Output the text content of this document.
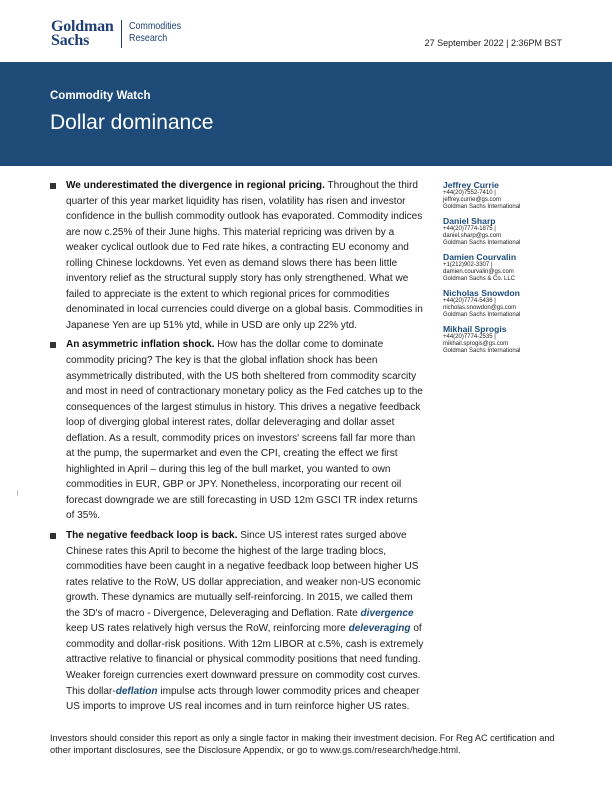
Goldman
Sachs
Commodities
Research	27 September 2022 | 2:36PM BST
Commodity Watch
Dollar dominance
We underestimated the divergence in regional pricing. Throughout the third quarter of this year market liquidity has risen, volatility has risen and investor confidence in the bullish commodity outlook has evaporated. Commodity indices are now c.25% of their June highs. This material repricing was driven by a weaker cyclical outlook due to Fed rate hikes, a contracting EU economy and rolling Chinese lockdowns. Yet even as demand slows there has been little inventory relief as the structural supply story has only strengthened. What we failed to appreciate is the extent to which regional prices for commodities denominated in local currencies could diverge on a global basis. Commodities in Japanese Yen are up 51% ytd, while in USD are only up 22% ytd.
An asymmetric inflation shock. How has the dollar come to dominate commodity pricing? The key is that the global inflation shock has been asymmetrically distributed, with the US both sheltered from commodity scarcity and most in need of contractionary monetary policy as the Fed catches up to the consequences of the largest stimulus in history. This drives a negative feedback loop of diverging global interest rates, dollar deleveraging and dollar asset deflation. As a result, commodity prices on investors' screens fall far more than at the pump, the supermarket and even the CPI, creating the effect we first highlighted in April – during this leg of the bull market, you wanted to own commodities in EUR, GBP or JPY. Nonetheless, incorporating our recent oil forecast downgrade we are still forecasting in USD 12m GSCI TR index returns of 35%.
The negative feedback loop is back. Since US interest rates surged above Chinese rates this April to become the highest of the large trading blocs, commodities have been caught in a negative feedback loop between higher US rates relative to the RoW, US dollar appreciation, and weaker non-US economic growth. These dynamics are mutually self-reinforcing. In 2015, we called them the 3D's of macro - Divergence, Deleveraging and Deflation. Rate divergence keep US rates relatively high versus the RoW, reinforcing more deleveraging of commodity and dollar-risk positions. With 12m LIBOR at c.5%, cash is extremely attractive relative to financial or physical commodity positions that need funding. Weaker foreign currencies exert downward pressure on commodity cost curves. This dollar-deflation impulse acts through lower commodity prices and cheaper US imports to improve US real incomes and in turn reinforce higher US rates.
Jeffrey Currie
+44(20)7552-7410 |
jeffrey.currie@gs.com
Goldman Sachs International
Daniel Sharp
+44(20)7774-1875 |
daniel.sharp@gs.com
Goldman Sachs International
Damien Courvalin
+1(212)902-3307 |
damien.courvalin@gs.com
Goldman Sachs & Co. LLC
Nicholas Snowdon
+44(20)7774-5436 |
nicholas.snowdon@gs.com
Goldman Sachs International
Mikhail Sprogis
+44(20)7774-2535 |
mikhail.sprogis@gs.com
Goldman Sachs International
Investors should consider this report as only a single factor in making their investment decision. For Reg AC certification and other important disclosures, see the Disclosure Appendix, or go to www.gs.com/research/hedge.html.
